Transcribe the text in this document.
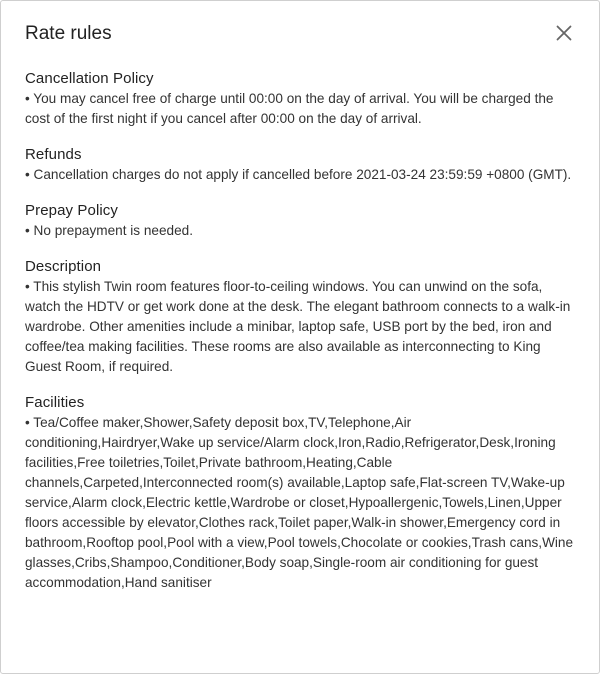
Rate rules
Cancellation Policy

• You may cancel free of charge until 00:00 on the day of arrival. You will be charged the cost of the first night if you cancel after 00:00 on the day of arrival.

Refunds

• Cancellation charges do not apply if cancelled before 2021-03-24 23:59:59 +0800 (GMT).

Prepay Policy

• No prepayment is needed.

Description

• This stylish Twin room features floor-to-ceiling windows. You can unwind on the sofa, watch the HDTV or get work done at the desk. The elegant bathroom connects to a walk-in wardrobe. Other amenities include a minibar, laptop safe, USB port by the bed, iron and coffee/tea making facilities. These rooms are also available as interconnecting to King Guest Room, if required.

Facilities

• Tea/Coffee maker,Shower,Safety deposit box,TV,Telephone,Air conditioning,Hairdryer,Wake up service/Alarm clock,Iron,Radio,Refrigerator,Desk,Ironing facilities,Free toiletries,Toilet,Private bathroom,Heating,Cable channels,Carpeted,Interconnected room(s) available,Laptop safe,Flat-screen TV,Wake-up service,Alarm clock,Electric kettle,Wardrobe or closet,Hypoallergenic,Towels,Linen,Upper floors accessible by elevator,Clothes rack,Toilet paper,Walk-in shower,Emergency cord in bathroom,Rooftop pool,Pool with a view,Pool towels,Chocolate or cookies,Trash cans,Wine glasses,Cribs,Shampoo,Conditioner,Body soap,Single-room air conditioning for guest accommodation,Hand sanitiser
